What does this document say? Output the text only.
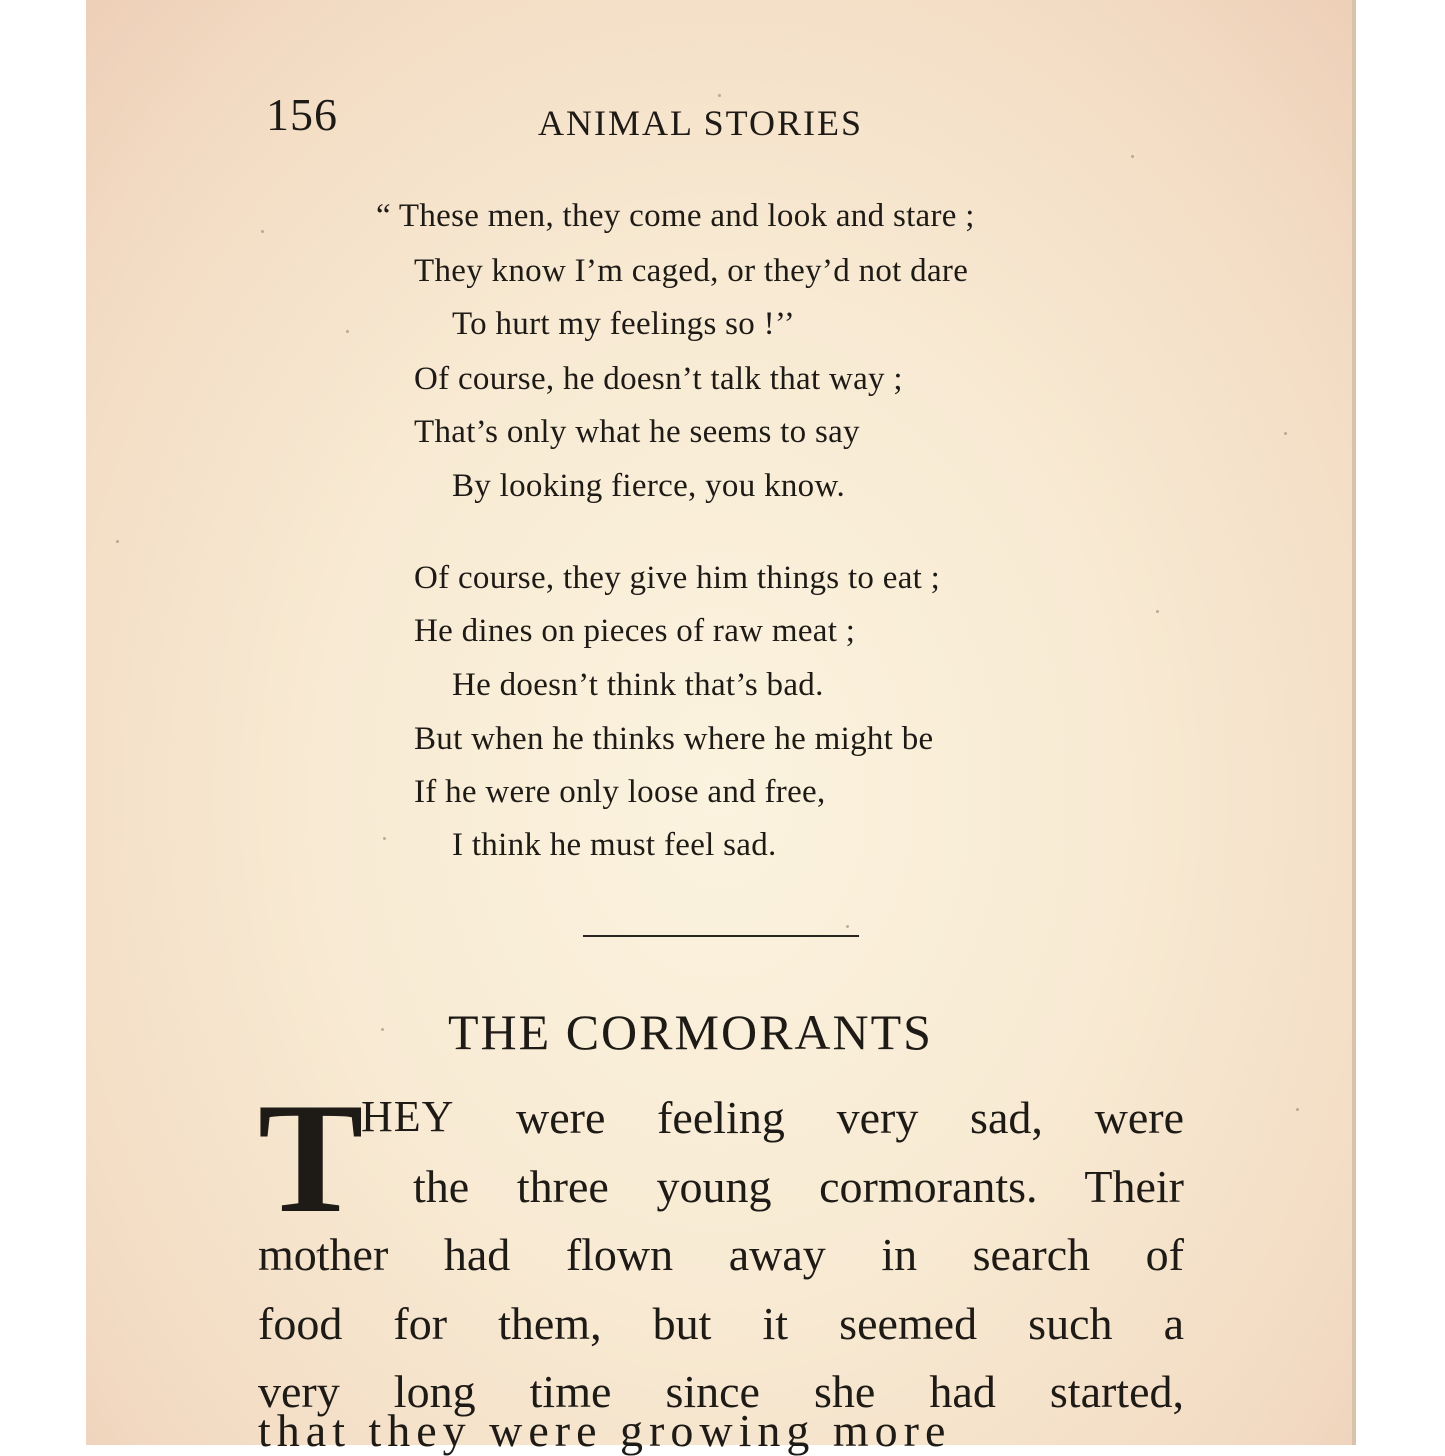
156	ANIMAL STORIES
“ These men, they come and look and stare ;
They know I’m caged, or they’d not dare
To hurt my feelings so !’’
Of course, he doesn’t talk that way ;
That’s only what he seems to say
By looking fierce, you know.
Of course, they give him things to eat ;
He dines on pieces of raw meat ;
He doesn’t think that’s bad.
But when he thinks where he might be
If he were only loose and free,
I think he must feel sad.
THE CORMORANTS
T
HEY were feeling very sad, were
the three young cormorants. Their
mother had flown away in search of
food for them, but it seemed such a
very long time since she had started,
that they were growing more
